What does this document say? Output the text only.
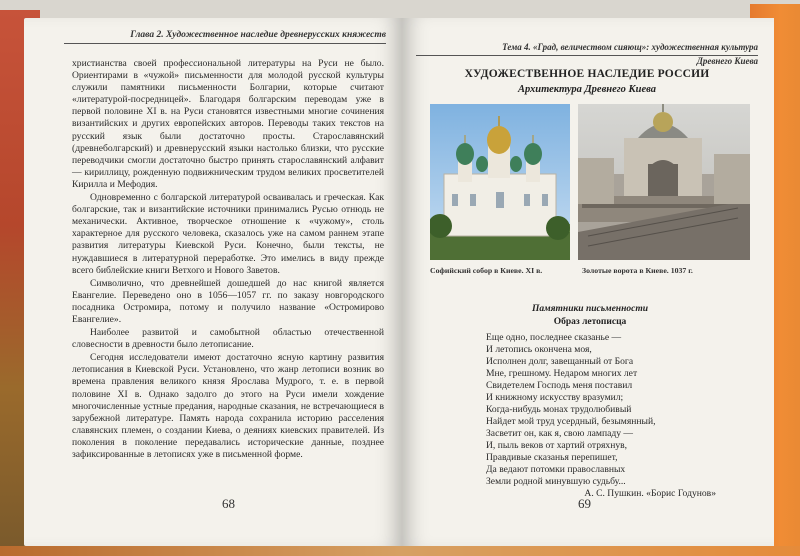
Глава 2. Художественное наследие древнерусских княжеств

христианства своей профессиональной литературы на Руси не было. Ориентирами в «чужой» письменности для молодой русской культуры служили памятники письменности Болгарии, которые считают «литературой-посредницей». Благодаря болгарским переводам уже в первой половине XI в. на Руси становятся известными многие сочинения византийских и других европейских авторов. Переводы таких текстов на русский язык были достаточно просты. Старославянский (древнеболгарский) и древнерусский языки настолько близки, что русские переводчики смогли достаточно быстро принять старославянский алфавит — кириллицу, рожденную подвижническим трудом великих просветителей Кирилла и Мефодия.

Одновременно с болгарской литературой осваивалась и греческая. Как болгарские, так и византийские источники принимались Русью отнюдь не механически. Активное, творческое отношение к «чужому», столь характерное для русского человека, сказалось уже на самом раннем этапе развития литературы Киевской Руси. Конечно, были тексты, не нуждавшиеся в литературной переработке. Это имелись в виду прежде всего библейские книги Ветхого и Нового Заветов.

Символично, что древнейшей дошедшей до нас книгой является Евангелие. Переведено оно в 1056—1057 гг. по заказу новгородского посадника Остромира, потому и получило название «Остромирово Евангелие».

Наиболее развитой и самобытной областью отечественной словесности в древности было летописание.

Сегодня исследователи имеют достаточно ясную картину развития летописания в Киевской Руси. Установлено, что жанр летописи возник во времена правления великого князя Ярослава Мудрого, т. е. в первой половине XI в. Однако задолго до этого на Руси имели хождение многочисленные устные предания, народные сказания, не встречающиеся в зарубежной литературе. Память народа сохранила историю расселения славянских племен, о создании Киева, о деяниях киевских правителей. Из поколения в поколение передавались исторические данные, позднее зафиксированные в летописях уже в письменной форме.

68
Тема 4. «Град, величеством сияющ»: художественная культура
Древнего Киева
ХУДОЖЕСТВЕННОЕ НАСЛЕДИЕ РОССИИ
Архитектура Древнего Киева
Софийский собор в Киеве. XI в.	Золотые ворота в Киеве. 1037 г.
Памятники письменности
Образ летописца
Еще одно, последнее сказанье —
И летопись окончена моя,
Исполнен долг, завещанный от Бога
Мне, грешному. Недаром многих лет
Свидетелем Господь меня поставил
И книжному искусству вразумил;
Когда-нибудь монах трудолюбивый
Найдет мой труд усердный, безымянный,
Засветит он, как я, свою лампаду —
И, пыль веков от хартий отряхнув,
Правдивые сказанья перепишет,
Да ведают потомки православных
Земли родной минувшую судьбу...
А. С. Пушкин. «Борис Годунов»
69
